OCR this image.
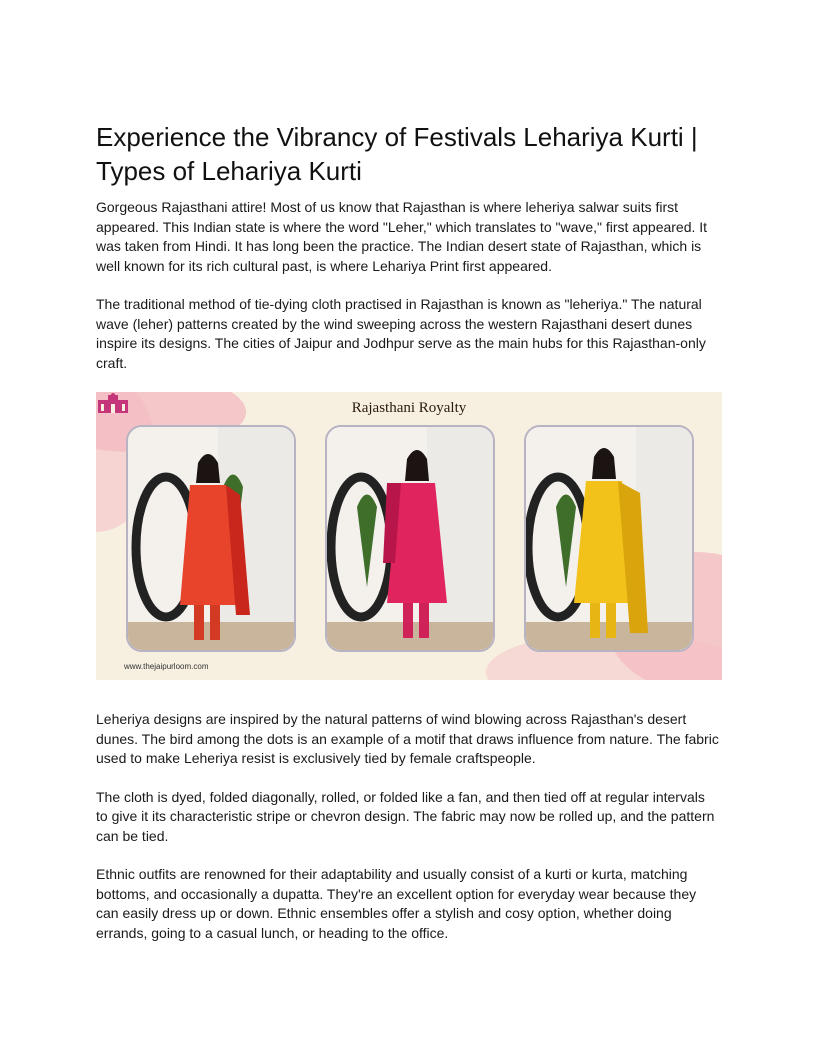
Experience the Vibrancy of Festivals Lehariya Kurti | Types of Lehariya Kurti

Gorgeous Rajasthani attire! Most of us know that Rajasthan is where leheriya salwar suits first appeared. This Indian state is where the word "Leher," which translates to "wave," first appeared. It was taken from Hindi. It has long been the practice. The Indian desert state of Rajasthan, which is well known for its rich cultural past, is where Lehariya Print first appeared.

The traditional method of tie-dying cloth practised in Rajasthan is known as "leheriya." The natural wave (leher) patterns created by the wind sweeping across the western Rajasthani desert dunes inspire its designs. The cities of Jaipur and Jodhpur serve as the main hubs for this Rajasthan-only craft.

Rajasthani Royalty
www.thejaipurloom.com

Leheriya designs are inspired by the natural patterns of wind blowing across Rajasthan's desert dunes. The bird among the dots is an example of a motif that draws influence from nature. The fabric used to make Leheriya resist is exclusively tied by female craftspeople.

The cloth is dyed, folded diagonally, rolled, or folded like a fan, and then tied off at regular intervals to give it its characteristic stripe or chevron design. The fabric may now be rolled up, and the pattern can be tied.

Ethnic outfits are renowned for their adaptability and usually consist of a kurti or kurta, matching bottoms, and occasionally a dupatta. They're an excellent option for everyday wear because they can easily dress up or down. Ethnic ensembles offer a stylish and cosy option, whether doing errands, going to a casual lunch, or heading to the office.
